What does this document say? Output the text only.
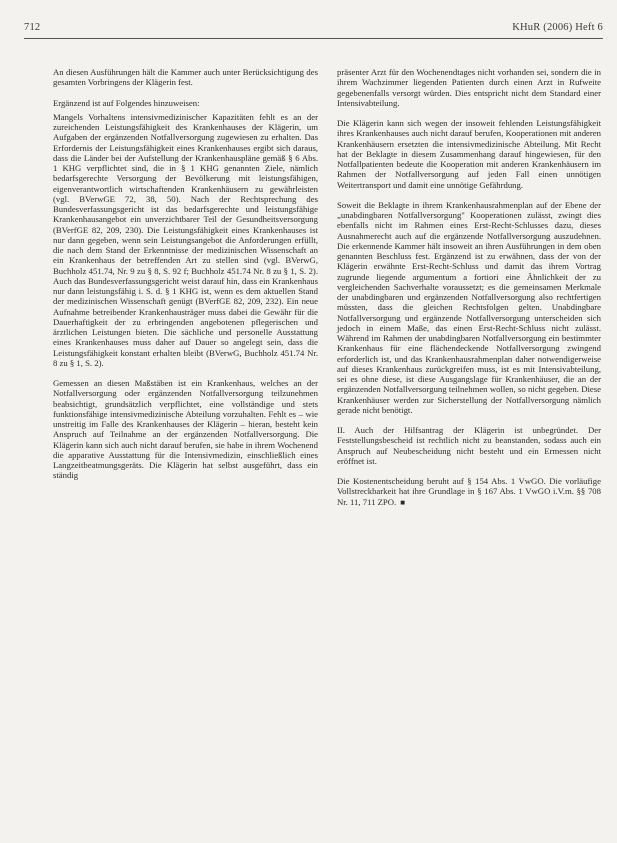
712	KHuR (2006) Heft 6

An diesen Ausführungen hält die Kammer auch unter Berücksichtigung des gesamten Vorbringens der Klägerin fest.

Ergänzend ist auf Folgendes hinzuweisen:

Mangels Vorhaltens intensivmedizinischer Kapazitäten fehlt es an der zureichenden Leistungsfähigkeit des Krankenhauses der Klägerin, um Aufgaben der ergänzenden Notfallversorgung zugewiesen zu erhalten. Das Erfordernis der Leistungsfähigkeit eines Krankenhauses ergibt sich daraus, dass die Länder bei der Aufstellung der Krankenhauspläne gemäß § 6 Abs. 1 KHG verpflichtet sind, die in § 1 KHG genannten Ziele, nämlich bedarfsgerechte Versorgung der Bevölkerung mit leistungsfähigen, eigenverantwortlich wirtschaftenden Krankenhäusern zu gewährleisten (vgl. BVerwGE 72, 38, 50). Nach der Rechtsprechung des Bundesverfassungsgericht ist das bedarfsgerechte und leistungsfähige Krankenhausangebot ein unverzichtbarer Teil der Gesundheitsversorgung (BVerfGE 82, 209, 230). Die Leistungsfähigkeit eines Krankenhauses ist nur dann gegeben, wenn sein Leistungsangebot die Anforderungen erfüllt, die nach dem Stand der Erkenntnisse der medizinischen Wissenschaft an ein Krankenhaus der betreffenden Art zu stellen sind (vgl. BVerwG, Buchholz 451.74, Nr. 9 zu § 8, S. 92 f; Buchholz 451.74 Nr. 8 zu § 1, S. 2). Auch das Bundesverfassungsgericht weist darauf hin, dass ein Krankenhaus nur dann leistungsfähig i. S. d. § 1 KHG ist, wenn es dem aktuellen Stand der medizinischen Wissenschaft genügt (BVerfGE 82, 209, 232). Ein neue Aufnahme betreibender Krankenhausträger muss dabei die Gewähr für die Dauerhaftigkeit der zu erbringenden angebotenen pflegerischen und ärztlichen Leistungen bieten. Die sächliche und personelle Ausstattung eines Krankenhauses muss daher auf Dauer so angelegt sein, dass die Leistungsfähigkeit konstant erhalten bleibt (BVerwG, Buchholz 451.74 Nr. 8 zu § 1, S. 2).

Gemessen an diesen Maßstäben ist ein Krankenhaus, welches an der Notfallversorgung oder ergänzenden Notfallversorgung teilzunehmen beabsichtigt, grundsätzlich verpflichtet, eine vollständige und stets funktionsfähige intensivmedizinische Abteilung vorzuhalten. Fehlt es – wie unstreitig im Falle des Krankenhauses der Klägerin – hieran, besteht kein Anspruch auf Teilnahme an der ergänzenden Notfallversorgung. Die Klägerin kann sich auch nicht darauf berufen, sie habe in ihrem Wochenend die apparative Ausstattung für die Intensivmedizin, einschließlich eines Langzeitbeatmungsgeräts. Die Klägerin hat selbst ausgeführt, dass ein ständig

präsenter Arzt für den Wochenendtages nicht vorhanden sei, sondern die in ihrem Wachzimmer liegenden Patienten durch einen Arzt in Rufweite gegebenenfalls versorgt würden. Dies entspricht nicht dem Standard einer Intensivabteilung.

Die Klägerin kann sich wegen der insoweit fehlenden Leistungsfähigkeit ihres Krankenhauses auch nicht darauf berufen, Kooperationen mit anderen Krankenhäusern ersetzten die intensivmedizinische Abteilung. Mit Recht hat der Beklagte in diesem Zusammenhang darauf hingewiesen, für den Notfallpatienten bedeute die Kooperation mit anderen Krankenhäusern im Rahmen der Notfallversorgung auf jeden Fall einen unnötigen Weitertransport und damit eine unnötige Gefährdung.

Soweit die Beklagte in ihrem Krankenhausrahmenplan auf der Ebene der „unabdingbaren Notfallversorgung" Kooperationen zulässt, zwingt dies ebenfalls nicht im Rahmen eines Erst-Recht-Schlusses dazu, dieses Ausnahmerecht auch auf die ergänzende Notfallversorgung auszudehnen. Die erkennende Kammer hält insoweit an ihren Ausführungen in dem oben genannten Beschluss fest. Ergänzend ist zu erwähnen, dass der von der Klägerin erwähnte Erst-Recht-Schluss und damit das ihrem Vortrag zugrunde liegende argumentum a fortiori eine Ähnlichkeit der zu vergleichenden Sachverhalte voraussetzt; es die gemeinsamen Merkmale der unabdingbaren und ergänzenden Notfallversorgung also rechtfertigen müssten, dass die gleichen Rechtsfolgen gelten. Unabdingbare Notfallversorgung und ergänzende Notfallversorgung unterscheiden sich jedoch in einem Maße, das einen Erst-Recht-Schluss nicht zulässt. Während im Rahmen der unabdingbaren Notfallversorgung ein bestimmter Krankenhaus für eine flächendeckende Notfallversorgung zwingend erforderlich ist, und das Krankenhausrahmenplan daher notwendigerweise auf dieses Krankenhaus zurückgreifen muss, ist es mit Intensivabteilung, sei es ohne diese, ist diese Ausgangslage für Krankenhäuser, die an der ergänzenden Notfallversorgung teilnehmen wollen, so nicht gegeben. Diese Krankenhäuser werden zur Sicherstellung der Notfallversorgung nämlich gerade nicht benötigt.

II. Auch der Hilfsantrag der Klägerin ist unbegründet. Der Feststellungsbescheid ist rechtlich nicht zu beanstanden, sodass auch ein Anspruch auf Neubescheidung nicht besteht und ein Ermessen nicht eröffnet ist.

Die Kostenentscheidung beruht auf § 154 Abs. 1 VwGO. Die vorläufige Vollstreckbarkeit hat ihre Grundlage in § 167 Abs. 1 VwGO i.V.m. §§ 708 Nr. 11, 711 ZPO. ■
